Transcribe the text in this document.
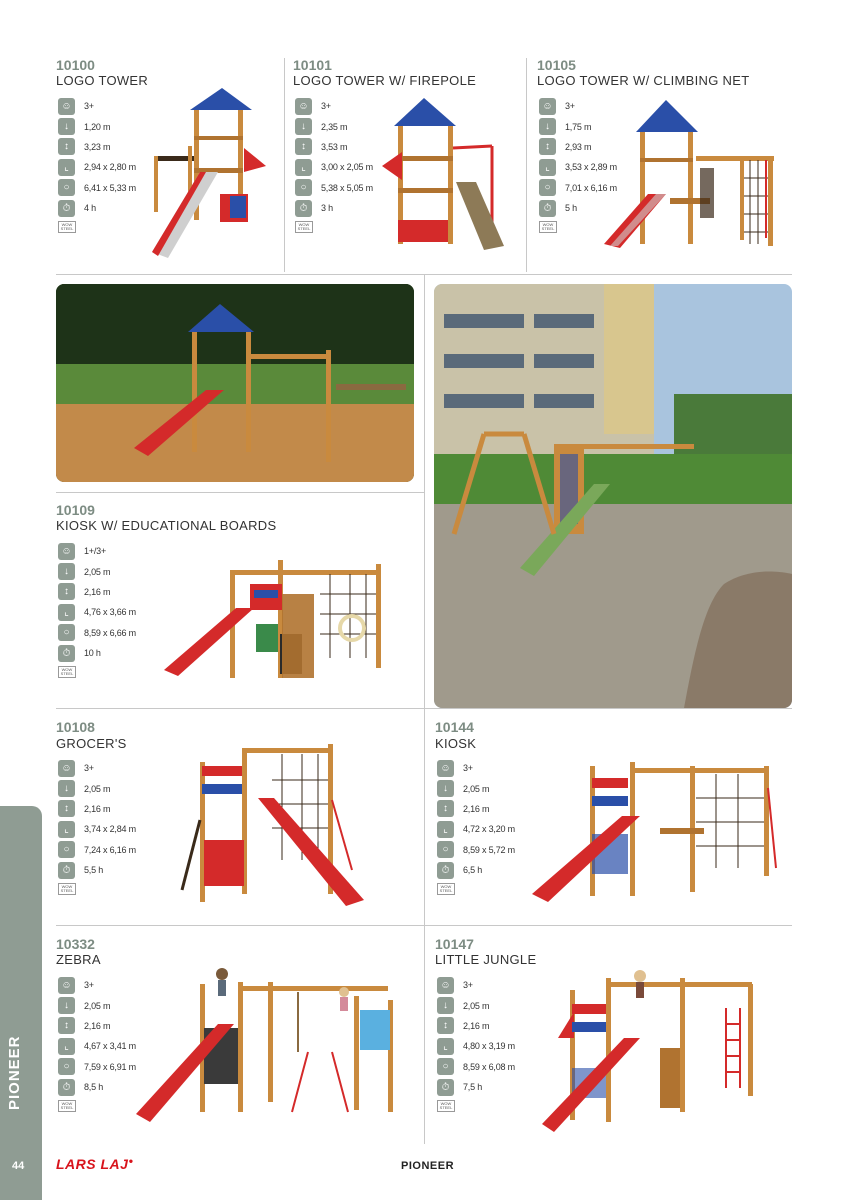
10100
LOGO TOWER
10101
LOGO TOWER W/ FIREPOLE
10105
LOGO TOWER W/ CLIMBING NET
10109
KIOSK W/ EDUCATIONAL BOARDS
10108
GROCER'S
10144
KIOSK
10332
ZEBRA
10147
LITTLE JUNGLE
☺	3+
↓	1,20 m
↕	3,23 m
⌞	2,94 x 2,80 m
○	6,41 x 5,33 m
⏱	4 h
WOW STEEL
☺	3+
↓	2,35 m
↕	3,53 m
⌞	3,00 x 2,05 m
○	5,38 x 5,05 m
⏱	3 h
WOW STEEL
☺	3+
↓	1,75 m
↕	2,93 m
⌞	3,53 x 2,89 m
○	7,01 x 6,16 m
⏱	5 h
WOW STEEL
☺	1+/3+
↓	2,05 m
↕	2,16 m
⌞	4,76 x 3,66 m
○	8,59 x 6,66 m
⏱	10 h
WOW STEEL
☺	3+
↓	2,05 m
↕	2,16 m
⌞	3,74 x 2,84 m
○	7,24 x 6,16 m
⏱	5,5 h
WOW STEEL
☺	3+
↓	2,05 m
↕	2,16 m
⌞	4,72 x 3,20 m
○	8,59 x 5,72 m
⏱	6,5 h
WOW STEEL
☺	3+
↓	2,05 m
↕	2,16 m
⌞	4,67 x 3,41 m
○	7,59 x 6,91 m
⏱	8,5 h
WOW STEEL
☺	3+
↓	2,05 m
↕	2,16 m
⌞	4,80 x 3,19 m
○	8,59 x 6,08 m
⏱	7,5 h
WOW STEEL
PIONEER
44 LARS LAJ●	PIONEER
